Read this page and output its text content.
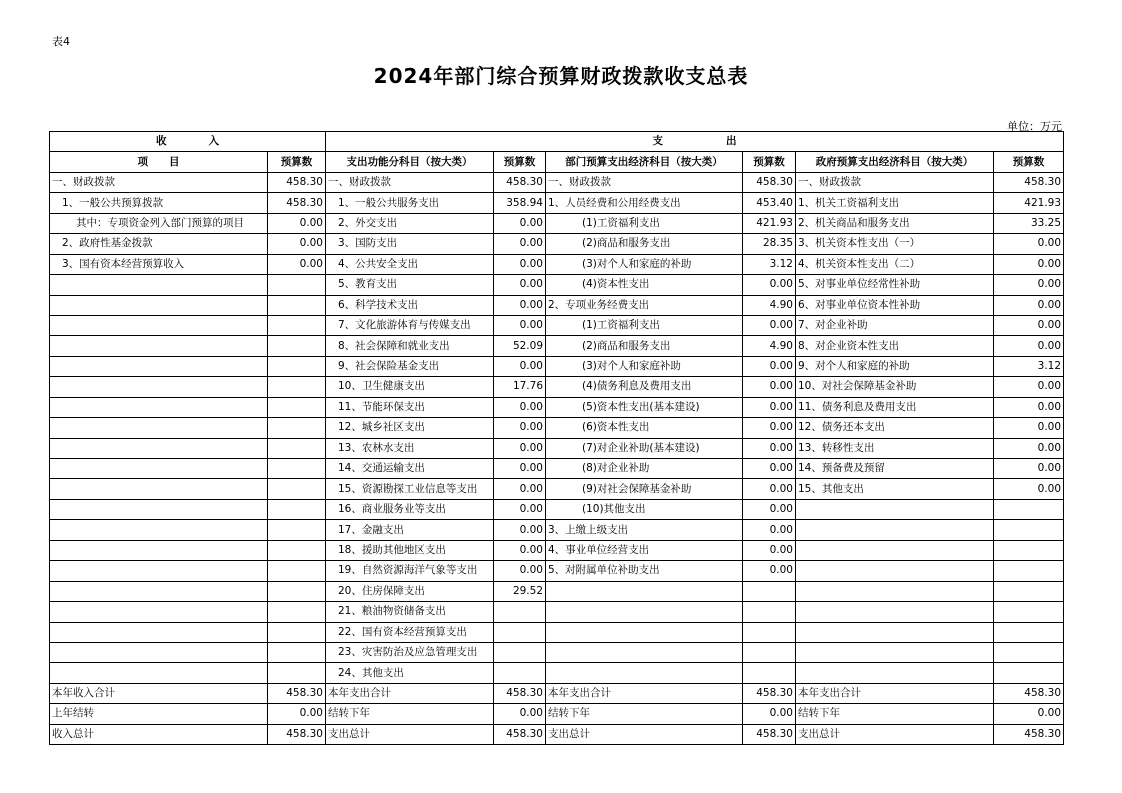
表4
2024年部门综合预算财政拨款收支总表
单位：万元
收　　　　入		支　　　　　　出					
项　　目	预算数	支出功能分科目（按大类）	预算数	部门预算支出经济科目（按大类）	预算数	政府预算支出经济科目（按大类）	预算数
一、财政拨款	458.30	一、财政拨款	458.30	一、财政拨款	458.30	一、财政拨款	458.30
1、一般公共预算拨款	458.30	1、一般公共服务支出	358.94	1、人员经费和公用经费支出	453.40	1、机关工资福利支出	421.93
其中：专项资金列入部门预算的项目	0.00	2、外交支出	0.00	(1)工资福利支出	421.93	2、机关商品和服务支出	33.25
2、政府性基金拨款	0.00	3、国防支出	0.00	(2)商品和服务支出	28.35	3、机关资本性支出（一）	0.00
3、国有资本经营预算收入	0.00	4、公共安全支出	0.00	(3)对个人和家庭的补助	3.12	4、机关资本性支出（二）	0.00
		5、教育支出	0.00	(4)资本性支出	0.00	5、对事业单位经常性补助	0.00
		6、科学技术支出	0.00	2、专项业务经费支出	4.90	6、对事业单位资本性补助	0.00
		7、文化旅游体育与传媒支出	0.00	(1)工资福利支出	0.00	7、对企业补助	0.00
		8、社会保障和就业支出	52.09	(2)商品和服务支出	4.90	8、对企业资本性支出	0.00
		9、社会保险基金支出	0.00	(3)对个人和家庭补助	0.00	9、对个人和家庭的补助	3.12
		10、卫生健康支出	17.76	(4)债务利息及费用支出	0.00	10、对社会保障基金补助	0.00
		11、节能环保支出	0.00	(5)资本性支出(基本建设)	0.00	11、债务利息及费用支出	0.00
		12、城乡社区支出	0.00	(6)资本性支出	0.00	12、债务还本支出	0.00
		13、农林水支出	0.00	(7)对企业补助(基本建设)	0.00	13、转移性支出	0.00
		14、交通运输支出	0.00	(8)对企业补助	0.00	14、预备费及预留	0.00
		15、资源勘探工业信息等支出	0.00	(9)对社会保障基金补助	0.00	15、其他支出	0.00
		16、商业服务业等支出	0.00	(10)其他支出	0.00		
		17、金融支出	0.00	3、上缴上级支出	0.00		
		18、援助其他地区支出	0.00	4、事业单位经营支出	0.00		
		19、自然资源海洋气象等支出	0.00	5、对附属单位补助支出	0.00		
		20、住房保障支出	29.52				
		21、粮油物资储备支出					
		22、国有资本经营预算支出					
		23、灾害防治及应急管理支出					
		24、其他支出					
本年收入合计	458.30	本年支出合计	458.30	本年支出合计	458.30	本年支出合计	458.30
上年结转	0.00	结转下年	0.00	结转下年	0.00	结转下年	0.00
收入总计	458.30	支出总计	458.30	支出总计	458.30	支出总计	458.30
